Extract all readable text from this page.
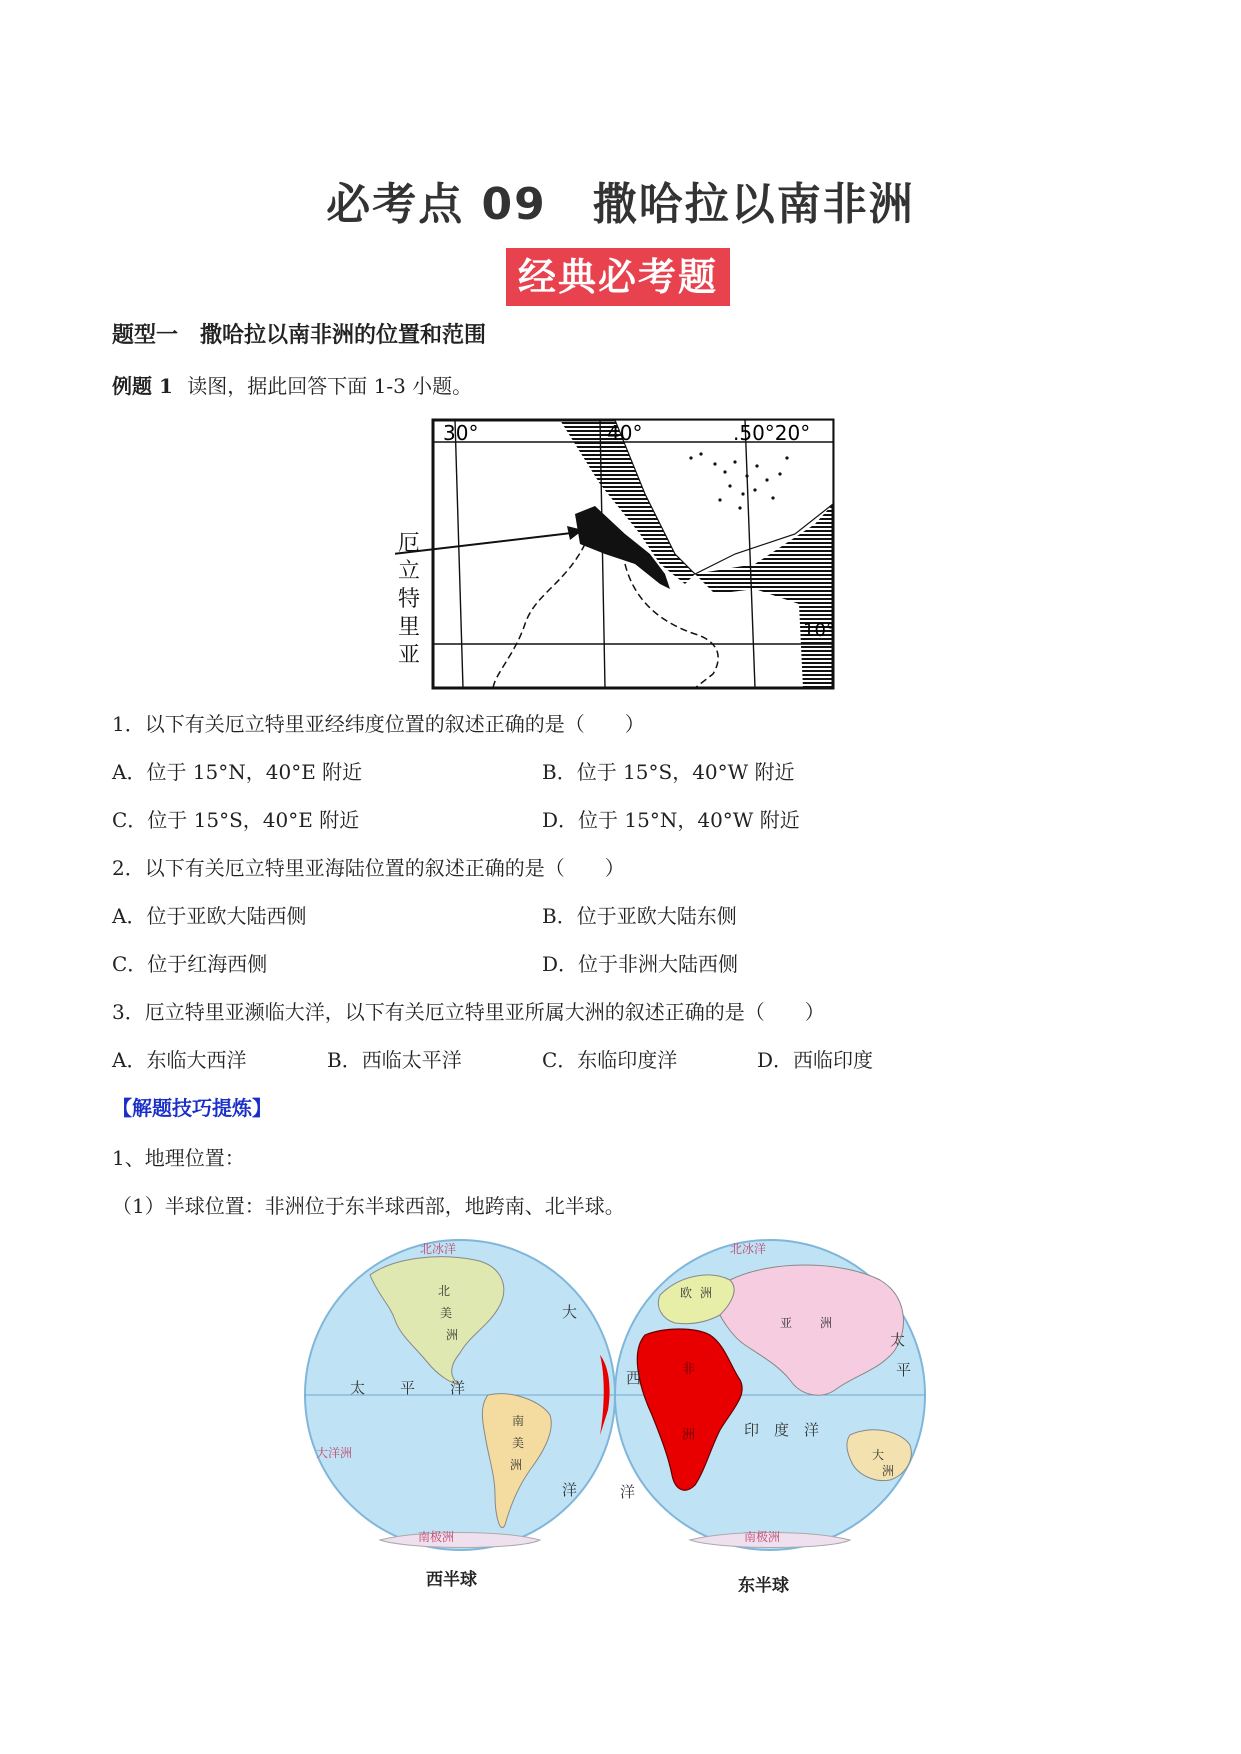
必考点 09　撒哈拉以南非洲
经典必考题
题型一　撒哈拉以南非洲的位置和范围
例题 1 读图，据此回答下面 1-3 小题。
30°	40°	.50°20°
10°
厄
立
特
里
亚
1．以下有关厄立特里亚经纬度位置的叙述正确的是（　　）
A．位于 15°N，40°E 附近	B．位于 15°S，40°W 附近
C．位于 15°S，40°E 附近	D．位于 15°N，40°W 附近
2．以下有关厄立特里亚海陆位置的叙述正确的是（　　）
A．位于亚欧大陆西侧	B．位于亚欧大陆东侧
C．位于红海西侧	D．位于非洲大陆西侧
3．厄立特里亚濒临大洋，以下有关厄立特里亚所属大洲的叙述正确的是（　　）
A．东临大西洋	B．西临太平洋	C．东临印度洋	D．西临印度
【解题技巧提炼】
1、地理位置：
（1）半球位置：非洲位于东半球西部，地跨南、北半球。
北冰洋
北
美
洲
大
太 平 洋
南
美
洲
大洋洲
洋
南极洲
北冰洋
欧 洲
亚 洲
非
洲	印 度 洋
太
平
大
洲
西
洋
南极洲
西半球	东半球
